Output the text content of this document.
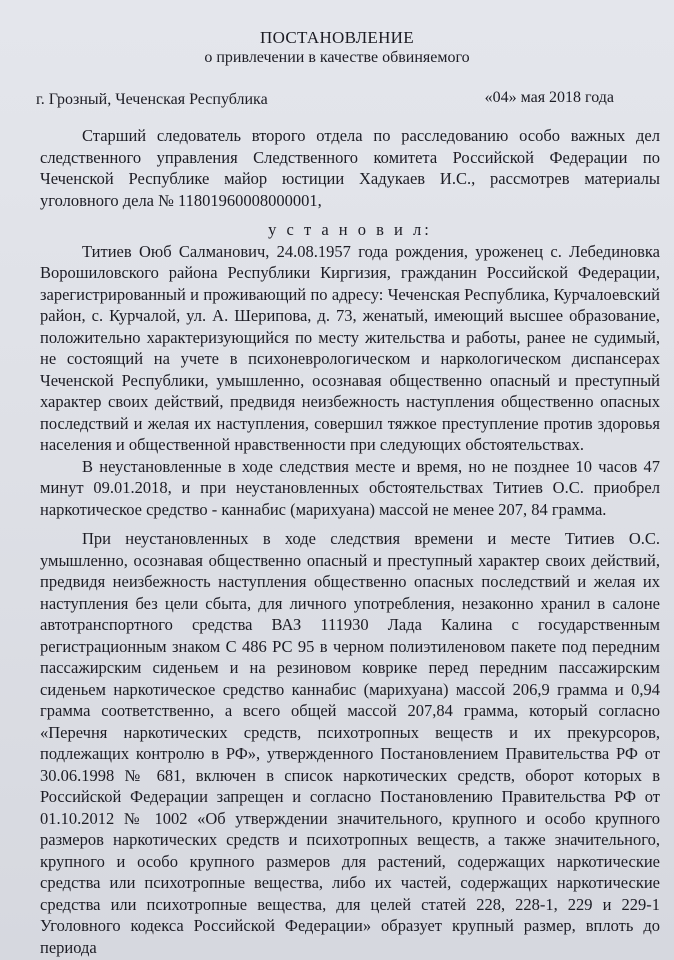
ПОСТАНОВЛЕНИЕ
о привлечении в качестве обвиняемого
г. Грозный, Чеченская Республика	«04» мая 2018 года

Старший следователь второго отдела по расследованию особо важных дел следственного управления Следственного комитета Российской Федерации по Чеченской Республике майор юстиции Хадукаев И.С., рассмотрев материалы уголовного дела № 11801960008000001,

у с т а н о в и л:

Титиев Оюб Салманович, 24.08.1957 года рождения, уроженец с. Лебединовка Ворошиловского района Республики Киргизия, гражданин Российской Федерации, зарегистрированный и проживающий по адресу: Чеченская Республика, Курчалоевский район, с. Курчалой, ул. А. Шерипова, д. 73, женатый, имеющий высшее образование, положительно характеризующийся по месту жительства и работы, ранее не судимый, не состоящий на учете в психоневрологическом и наркологическом диспансерах Чеченской Республики, умышленно, осознавая общественно опасный и преступный характер своих действий, предвидя неизбежность наступления общественно опасных последствий и желая их наступления, совершил тяжкое преступление против здоровья населения и общественной нравственности при следующих обстоятельствах.

В неустановленные в ходе следствия месте и время, но не позднее 10 часов 47 минут 09.01.2018, и при неустановленных обстоятельствах Титиев О.С. приобрел наркотическое средство - каннабис (марихуана) массой не менее 207, 84 грамма.

При неустановленных в ходе следствия времени и месте Титиев О.С. умышленно, осознавая общественно опасный и преступный характер своих действий, предвидя неизбежность наступления общественно опасных последствий и желая их наступления без цели сбыта, для личного употребления, незаконно хранил в салоне автотранспортного средства ВАЗ 111930 Лада Калина с государственным регистрационным знаком С 486 РС 95 в черном полиэтиленовом пакете под передним пассажирским сиденьем и на резиновом коврике перед передним пассажирским сиденьем наркотическое средство каннабис (марихуана) массой 206,9 грамма и 0,94 грамма соответственно, а всего общей массой 207,84 грамма, который согласно «Перечня наркотических средств, психотропных веществ и их прекурсоров, подлежащих контролю в РФ», утвержденного Постановлением Правительства РФ от 30.06.1998 № 681, включен в список наркотических средств, оборот которых в Российской Федерации запрещен и согласно Постановлению Правительства РФ от 01.10.2012 № 1002 «Об утверждении значительного, крупного и особо крупного размеров наркотических средств и психотропных веществ, а также значительного, крупного и особо крупного размеров для растений, содержащих наркотические средства или психотропные вещества, либо их частей, содержащих наркотические средства или психотропные вещества, для целей статей 228, 228-1, 229 и 229-1 Уголовного кодекса Российской Федерации» образует крупный размер, вплоть до периода
